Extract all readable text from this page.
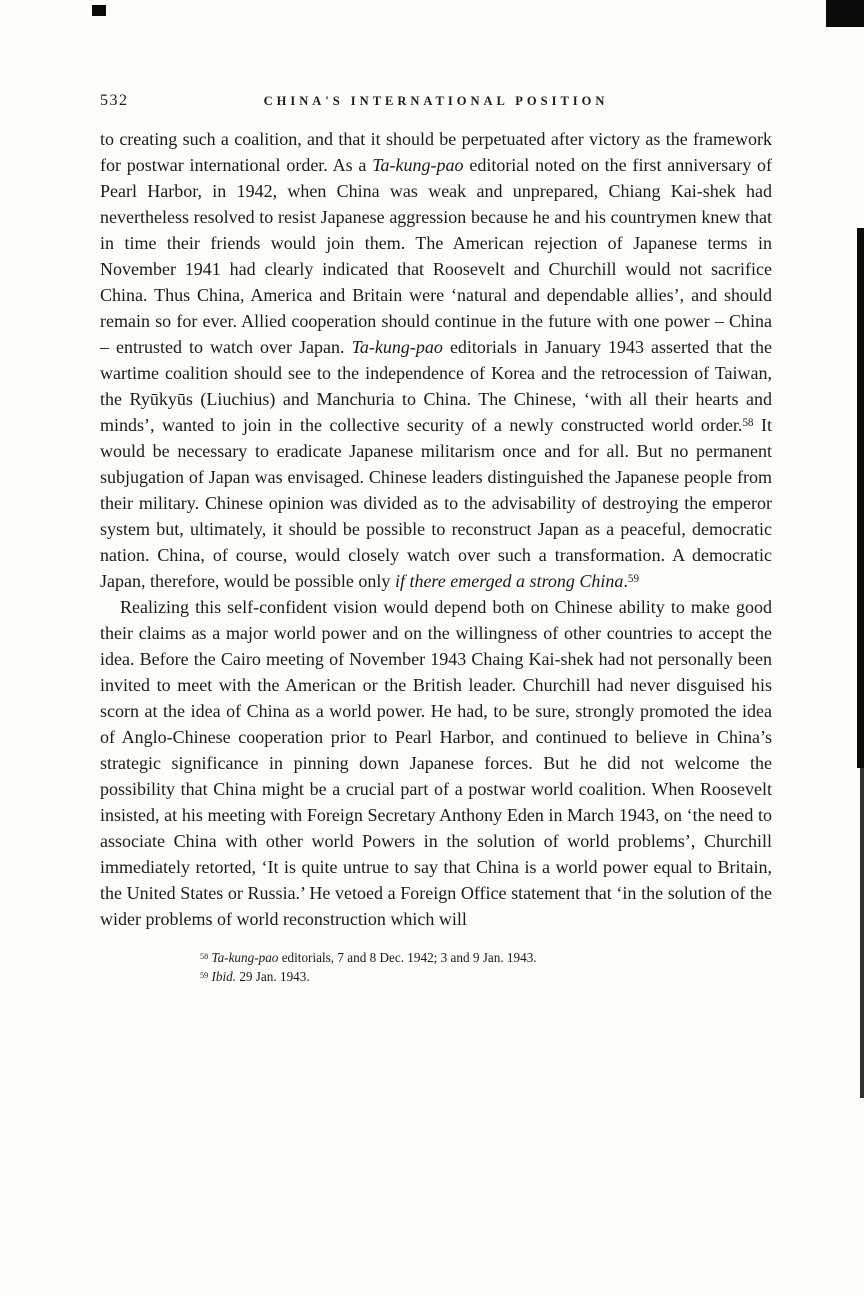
532	CHINA'S INTERNATIONAL POSITION

to creating such a coalition, and that it should be perpetuated after victory as the framework for postwar international order. As a Ta-kung-pao editorial noted on the first anniversary of Pearl Harbor, in 1942, when China was weak and unprepared, Chiang Kai-shek had nevertheless resolved to resist Japanese aggression because he and his countrymen knew that in time their friends would join them. The American rejection of Japanese terms in November 1941 had clearly indicated that Roosevelt and Churchill would not sacrifice China. Thus China, America and Britain were ‘natural and dependable allies’, and should remain so for ever. Allied cooperation should continue in the future with one power – China – entrusted to watch over Japan. Ta-kung-pao editorials in January 1943 asserted that the wartime coalition should see to the independence of Korea and the retrocession of Taiwan, the Ryūkyūs (Liuchius) and Manchuria to China. The Chinese, ‘with all their hearts and minds’, wanted to join in the collective security of a newly constructed world order.$^{58}$ It would be necessary to eradicate Japanese militarism once and for all. But no permanent subjugation of Japan was envisaged. Chinese leaders distinguished the Japanese people from their military. Chinese opinion was divided as to the advisability of destroying the emperor system but, ultimately, it should be possible to reconstruct Japan as a peaceful, democratic nation. China, of course, would closely watch over such a transformation. A democratic Japan, therefore, would be possible only if there emerged a strong China.$^{59}$

Realizing this self-confident vision would depend both on Chinese ability to make good their claims as a major world power and on the willingness of other countries to accept the idea. Before the Cairo meeting of November 1943 Chaing Kai-shek had not personally been invited to meet with the American or the British leader. Churchill had never disguised his scorn at the idea of China as a world power. He had, to be sure, strongly promoted the idea of Anglo-Chinese cooperation prior to Pearl Harbor, and continued to believe in China’s strategic significance in pinning down Japanese forces. But he did not welcome the possibility that China might be a crucial part of a postwar world coalition. When Roosevelt insisted, at his meeting with Foreign Secretary Anthony Eden in March 1943, on ‘the need to associate China with other world Powers in the solution of world problems’, Churchill immediately retorted, ‘It is quite untrue to say that China is a world power equal to Britain, the United States or Russia.’ He vetoed a Foreign Office statement that ‘in the solution of the wider problems of world reconstruction which will

$^{58}$ Ta-kung-pao editorials, 7 and 8 Dec. 1942; 3 and 9 Jan. 1943.

$^{59}$ Ibid. 29 Jan. 1943.
